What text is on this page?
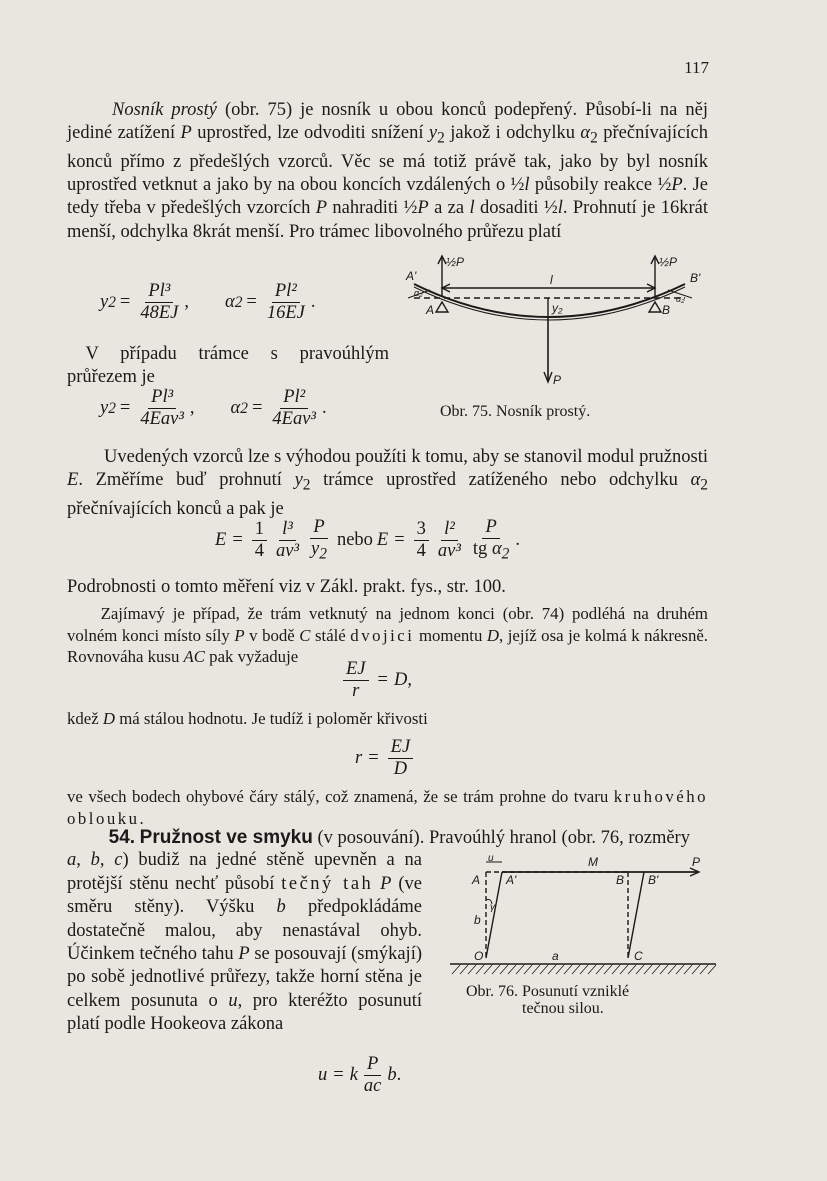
117
   Nosník prostý (obr. 75) je nosník u obou konců podepřený. Působí-li na něj jediné zatížení P uprostřed, lze odvoditi snížení $y_2$ jakož i odchylku $\alpha_2$ přečnívajících konců přímo z předešlých vzorců. Věc se má totiž právě tak, jako by byl nosník uprostřed vetknut a jako by na obou koncích vzdálených o ½l působily reakce ½P. Je tedy třeba v předešlých vzorcích P nahraditi ½P a za l dosaditi ½l. Prohnutí je 16krát menší, odchylka 8krát menší. Pro trámec libovolného průřezu platí
y $2 = \frac{\text{Pl³}}{48EJ}$ , α $2 = \frac{\text{Pl²}}{16EJ}$ .
 V případu trámce s pravoúhlým průřezem je
y $2 = \frac{\text{Pl³}}{\text{4Eav³}}$ , α $2 = \frac{\text{Pl²}}{\text{4Eav³}}$ .
½P	½P
l
A'
A
α₂
B'
B
α₂
y₂
P
Obr. 75. Nosník prostý.
  Uvedených vzorců lze s výhodou použíti k tomu, aby se stanovil modul pružnosti E. Změříme buď prohnutí $y_2$ trámce uprostřed zatíženého nebo odchylku $\alpha_2$ přečnívajících konců a pak je
$E = \frac{1}{4} \frac{\text{l³}}{\text{av³}} \frac{P}{y_2}$ nebo $E = \frac{3}{4} \frac{\text{l²}}{\text{av³}} \frac{P}{tg \alpha_2}$ .
Podrobnosti o tomto měření viz v Zákl. prakt. fys., str. 100.
  Zajímavý je případ, že trám vetknutý na jednom konci (obr. 74) podléhá na druhém volném konci místo síly P v bodě C stálé dvojici momentu D, jejíž osa je kolmá k nákresně. Rovnováha kusu AC pak vyžaduje
$\frac{EJ}{r} = D$ ,
kdež D má stálou hodnotu. Je tudíž i poloměr křivosti
$r = \frac{EJ}{D}$
ve všech bodech ohybové čáry stálý, což znamená, že se trám prohne do tvaru kruhového oblouku.
   54. Pružnost ve smyku (v posouvání). Pravoúhlý hranol (obr. 76, rozměry
a, b, c) budiž na jedné stěně upevněn a na protější stěnu nechť působí tečný tah P (ve směru stěny). Výšku b předpokládáme dostatečně malou, aby nenastával ohyb. Účinkem tečného tahu P se posouvají (smýkají) po sobě jednotlivé průřezy, takže horní stěna je celkem posunuta o u, pro kteréžto posunutí platí podle Hookeova zákona
u	M	P
A A'	B B'
b
γ
O	a	C
Obr. 76. Posunutí vzniklé
tečnou silou.
u = k $\frac{P}{ac}$ b .
